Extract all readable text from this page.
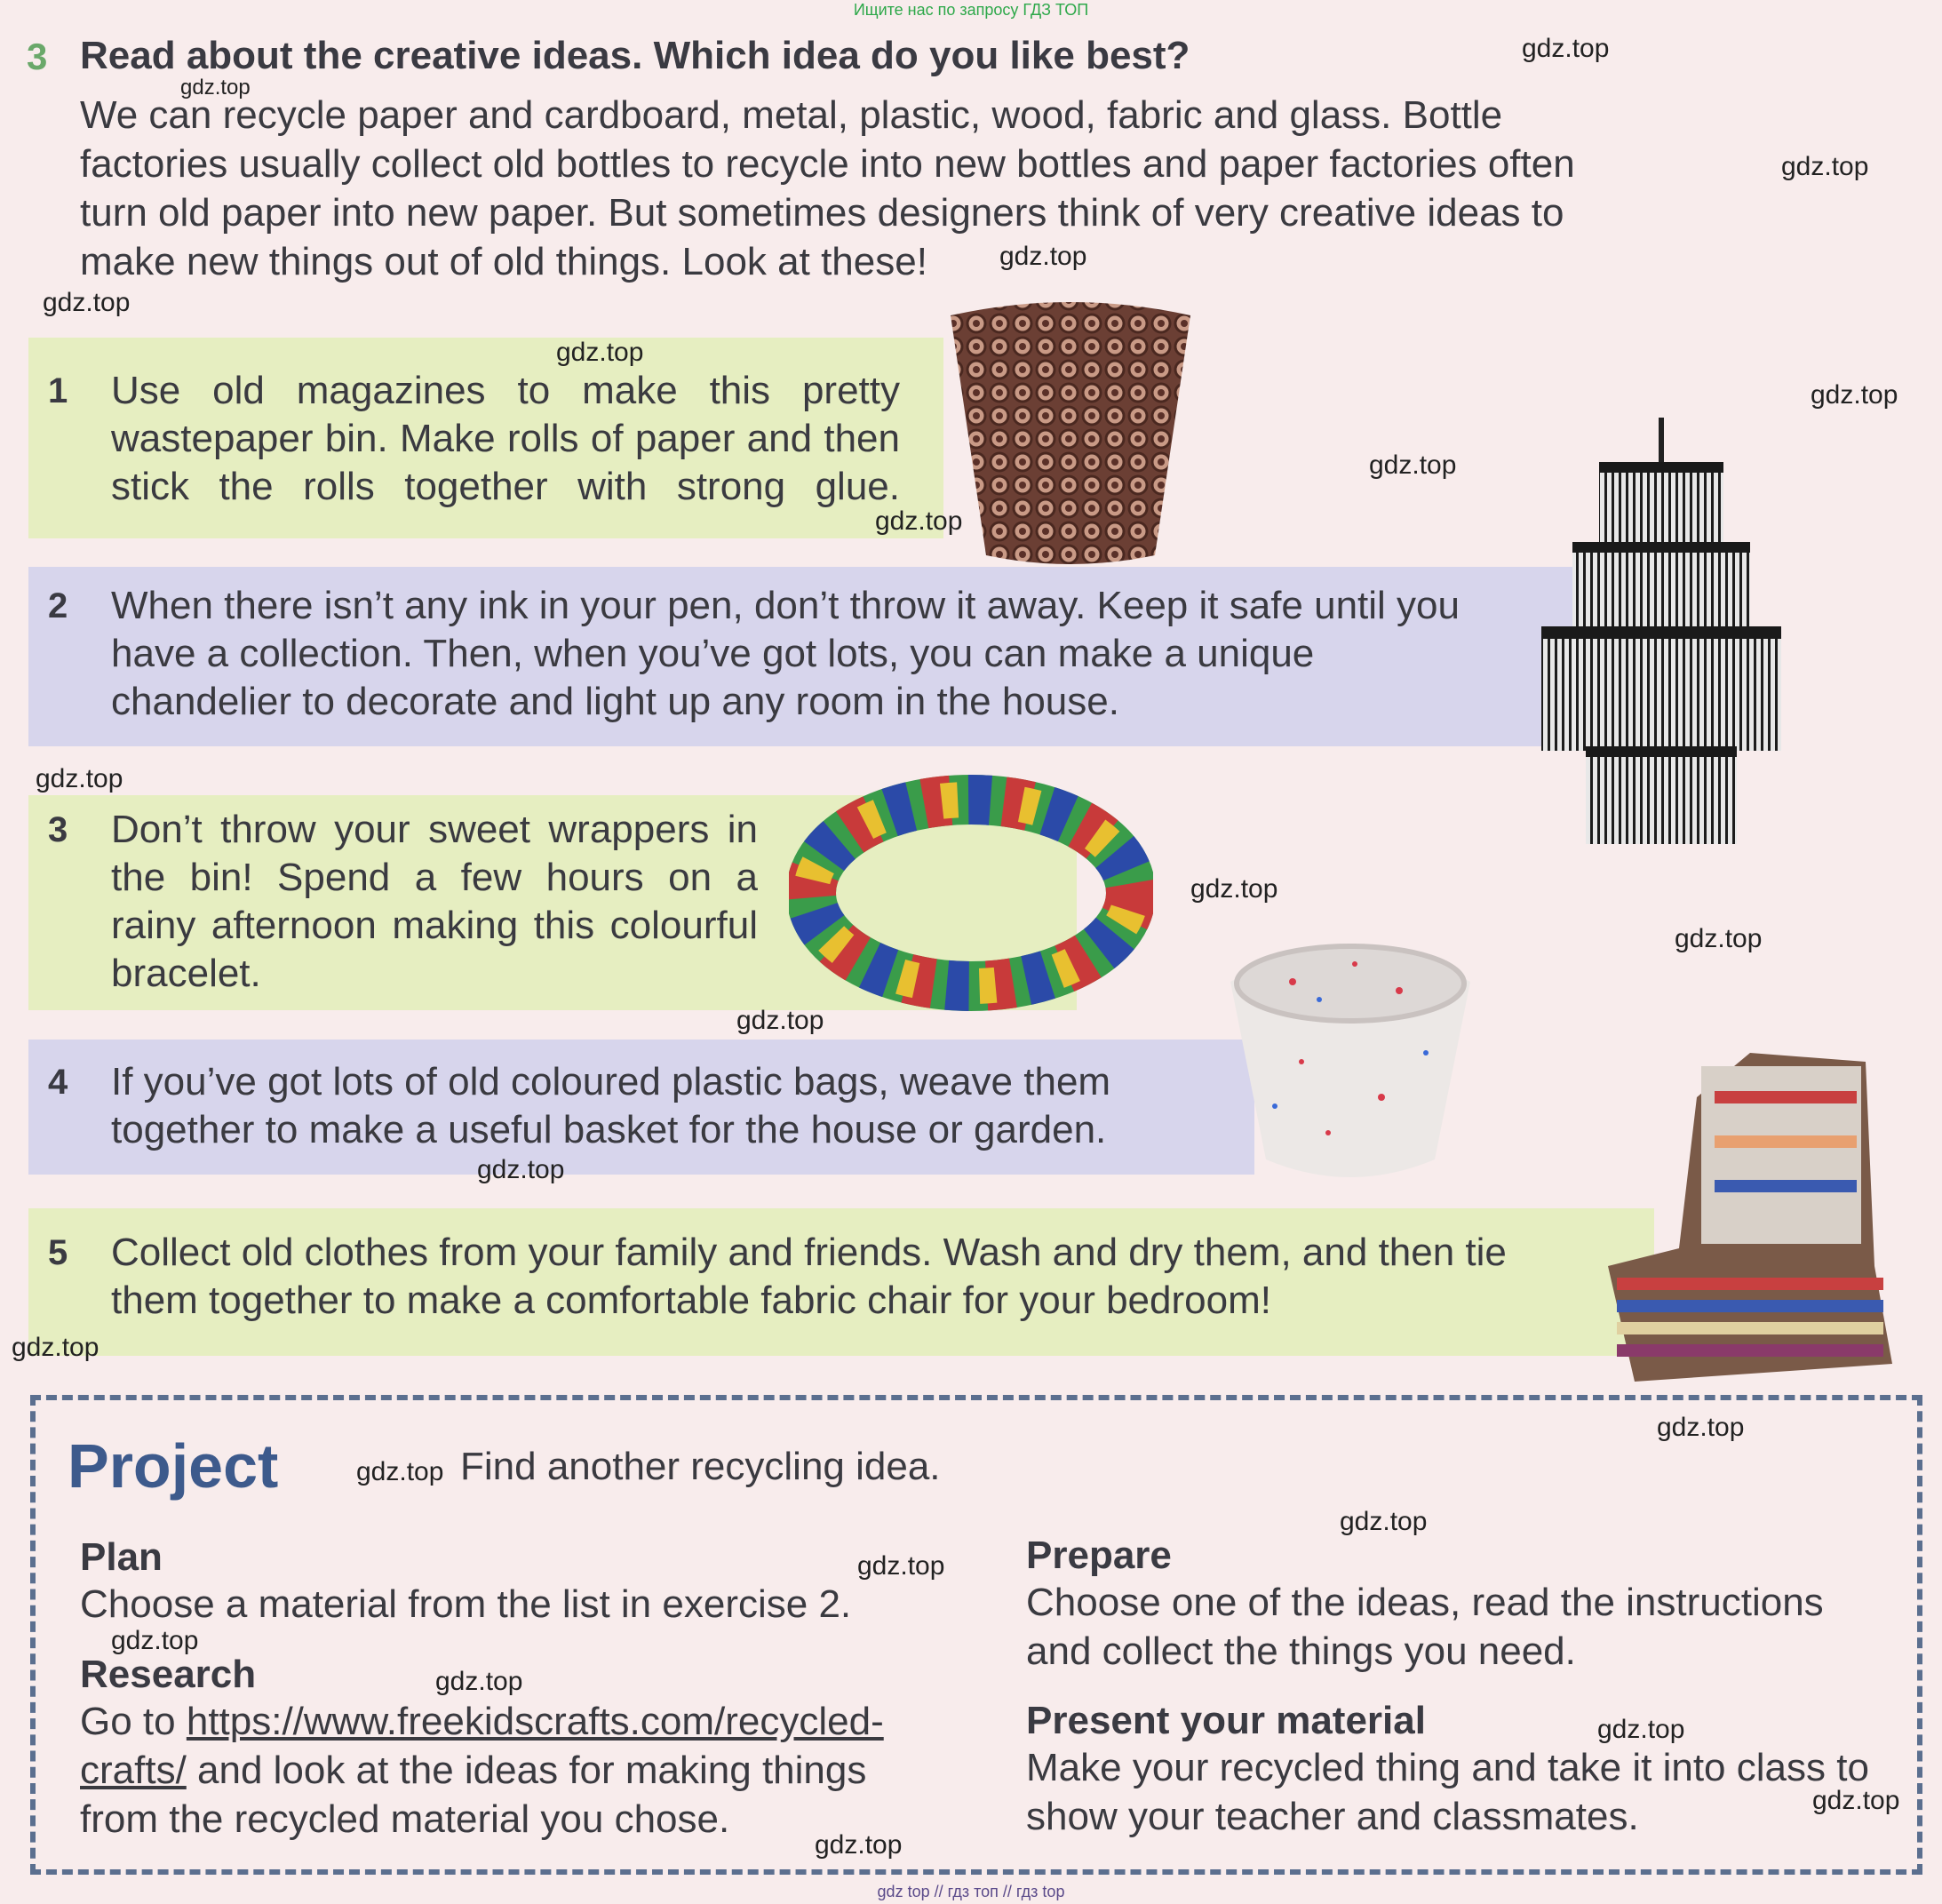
Ищите нас по запросу ГДЗ ТОП
3 Read about the creative ideas. Which idea do you like best?
We can recycle paper and cardboard, metal, plastic, wood, fabric and glass. Bottle factories usually collect old bottles to recycle into new bottles and paper factories often turn old paper into new paper. But sometimes designers think of very creative ideas to make new things out of old things. Look at these!
1 Use old magazines to make this pretty wastepaper bin. Make rolls of paper and then stick the rolls together with strong glue.
2 When there isn’t any ink in your pen, don’t throw it away. Keep it safe until you have a collection. Then, when you’ve got lots, you can make a unique chandelier to decorate and light up any room in the house.
3 Don’t throw your sweet wrappers in the bin! Spend a few hours on a rainy afternoon making this colourful bracelet.
4 If you’ve got lots of old coloured plastic bags, weave them together to make a useful basket for the house or garden.
5 Collect old clothes from your family and friends. Wash and dry them, and then tie them together to make a comfortable fabric chair for your bedroom!
Project	Find another recycling idea.
Plan
Choose a material from the list in exercise 2.
Research
Go to https://www.freekidscrafts.com/recycled-crafts/ and look at the ideas for making things from the recycled material you chose.
Prepare
Choose one of the ideas, read the instructions and collect the things you need.
Present your material
Make your recycled thing and take it into class to show your teacher and classmates.
gdz.top
gdz.top
gdz.top
gdz.top
gdz.top
gdz.top
gdz.top
gdz.top
gdz.top
gdz.top
gdz.top
gdz.top
gdz.top
gdz.top
gdz.top
gdz.top
gdz.top
gdz.top
gdz.top
gdz.top
gdz.top
gdz.top
gdz.top
gdz.top
gdz top // гдз топ // гдз top
